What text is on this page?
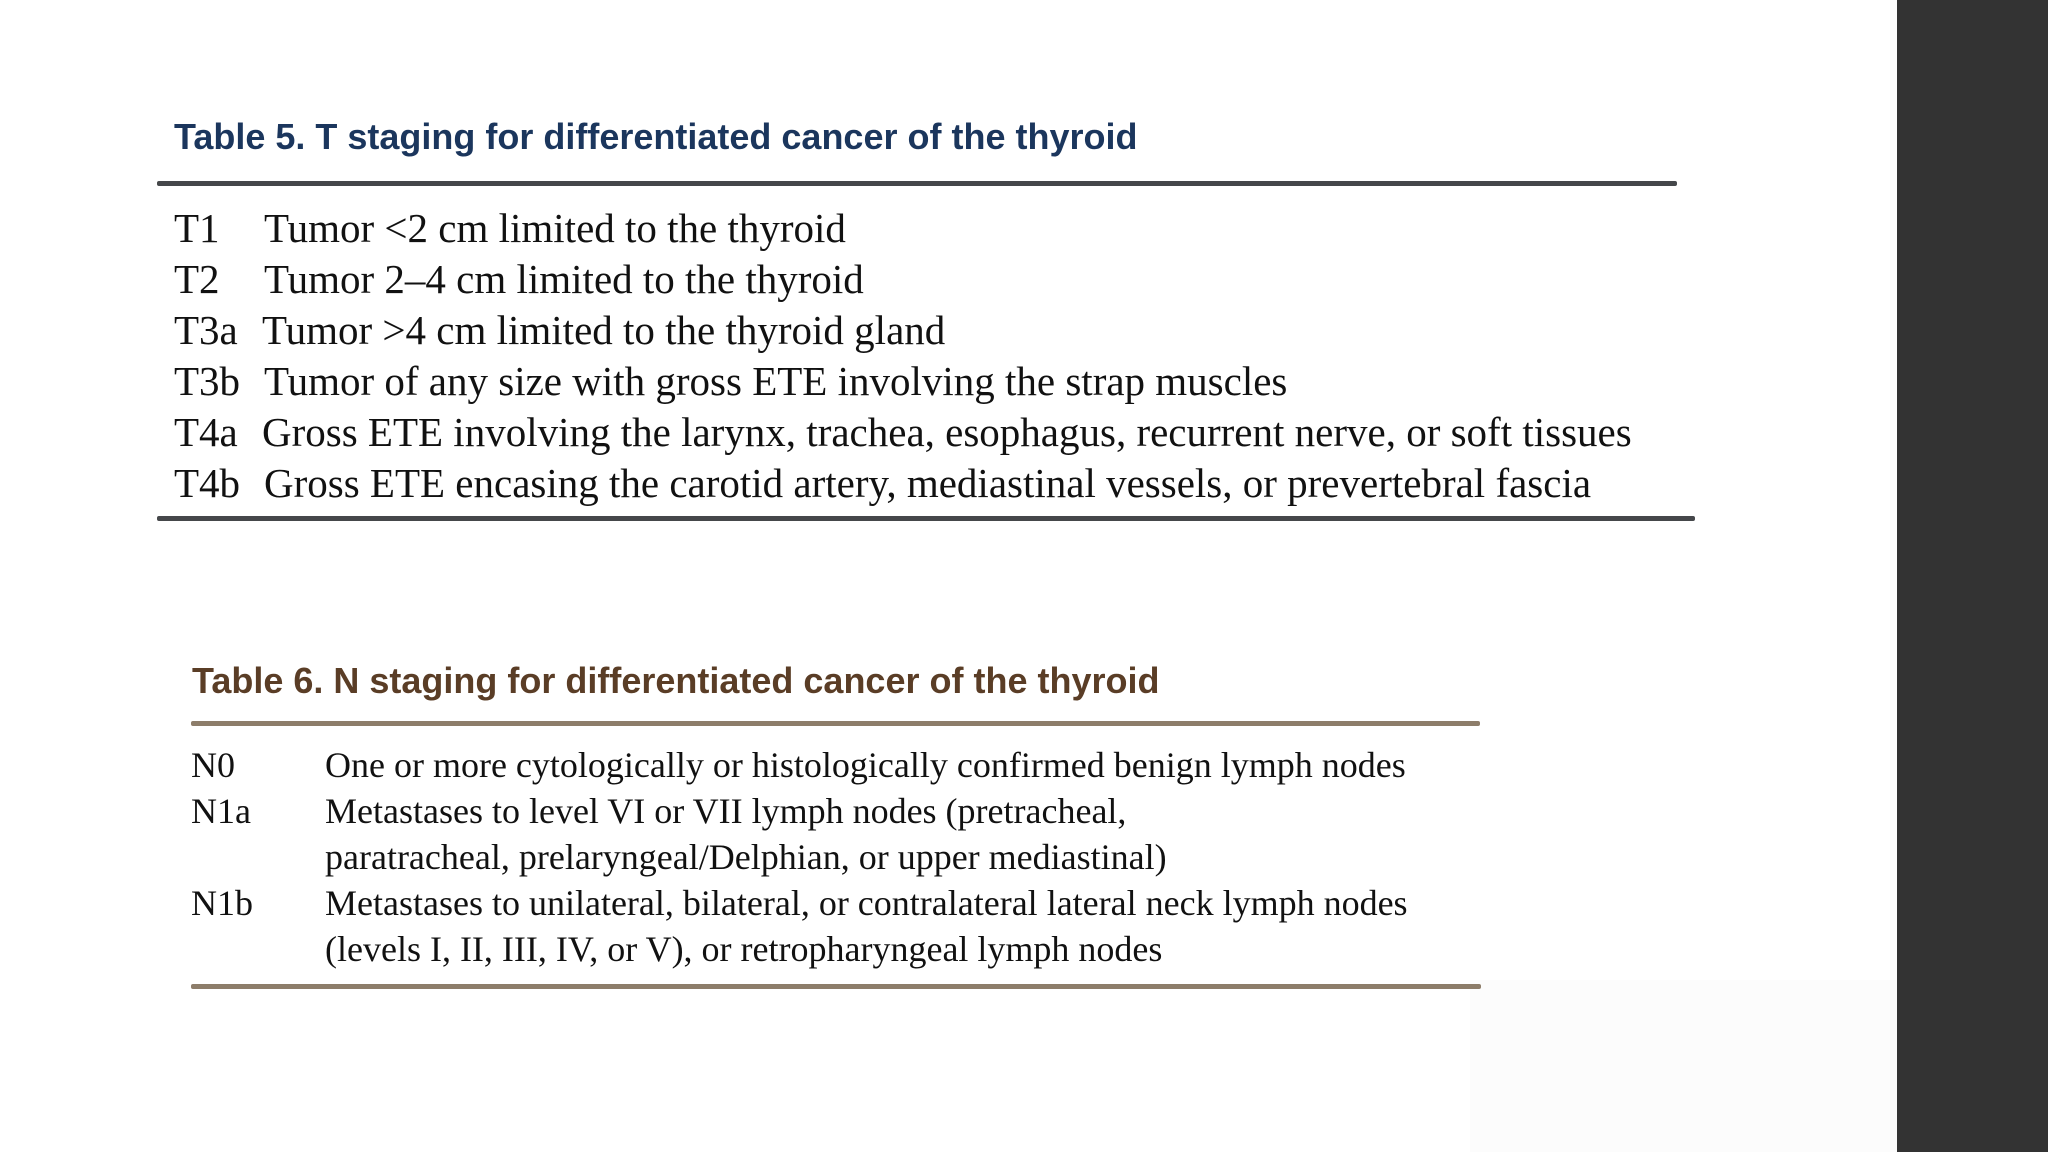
Table 5. T staging for differentiated cancer of the thyroid
T1 Tumor <2 cm limited to the thyroid
T2 Tumor 2–4 cm limited to the thyroid
T3a Tumor >4 cm limited to the thyroid gland
T3b Tumor of any size with gross ETE involving the strap muscles
T4a Gross ETE involving the larynx, trachea, esophagus, recurrent nerve, or soft tissues
T4b Gross ETE encasing the carotid artery, mediastinal vessels, or prevertebral fascia
Table 6. N staging for differentiated cancer of the thyroid
N0	One or more cytologically or histologically confirmed benign lymph nodes
N1a Metastases to level VI or VII lymph nodes (pretracheal,
paratracheal, prelaryngeal/Delphian, or upper mediastinal)
N1b Metastases to unilateral, bilateral, or contralateral lateral neck lymph nodes
(levels I, II, III, IV, or V), or retropharyngeal lymph nodes
